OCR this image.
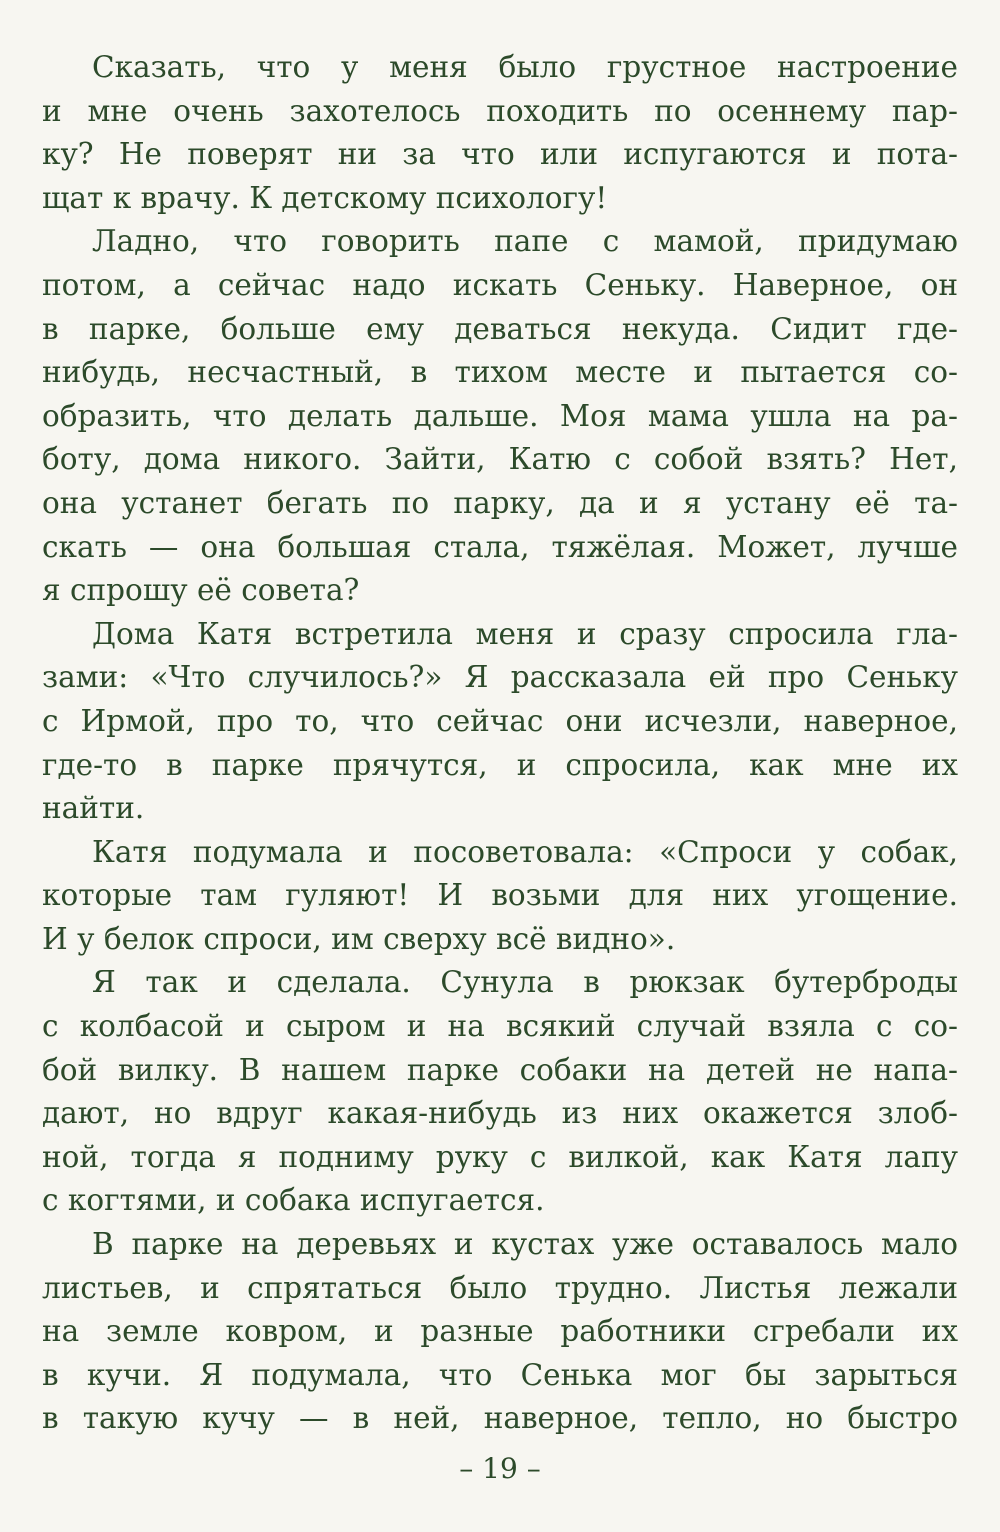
Сказать, что у меня было грустное настроение
и мне очень захотелось походить по осеннему пар-
ку? Не поверят ни за что или испугаются и пота-
щат к врачу. К детскому психологу!
Ладно, что говорить папе с мамой, придумаю
потом, а сейчас надо искать Сеньку. Наверное, он
в парке, больше ему деваться некуда. Сидит где-
нибудь, несчастный, в тихом месте и пытается со-
образить, что делать дальше. Моя мама ушла на ра-
боту, дома никого. Зайти, Катю с собой взять? Нет,
она устанет бегать по парку, да и я устану её та-
скать — она большая стала, тяжёлая. Может, лучше
я спрошу её совета?
Дома Катя встретила меня и сразу спросила гла-
зами: «Что случилось?» Я рассказала ей про Сеньку
с Ирмой, про то, что сейчас они исчезли, наверное,
где-то в парке прячутся, и спросила, как мне их
найти.
Катя подумала и посоветовала: «Спроси у собак,
которые там гуляют! И возьми для них угощение.
И у белок спроси, им сверху всё видно».
Я так и сделала. Сунула в рюкзак бутерброды
с колбасой и сыром и на всякий случай взяла с со-
бой вилку. В нашем парке собаки на детей не напа-
дают, но вдруг какая-нибудь из них окажется злоб-
ной, тогда я подниму руку с вилкой, как Катя лапу
с когтями, и собака испугается.
В парке на деревьях и кустах уже оставалось мало
листьев, и спрятаться было трудно. Листья лежали
на земле ковром, и разные работники сгребали их
в кучи. Я подумала, что Сенька мог бы зарыться
в такую кучу — в ней, наверное, тепло, но быстро
– 19 –
